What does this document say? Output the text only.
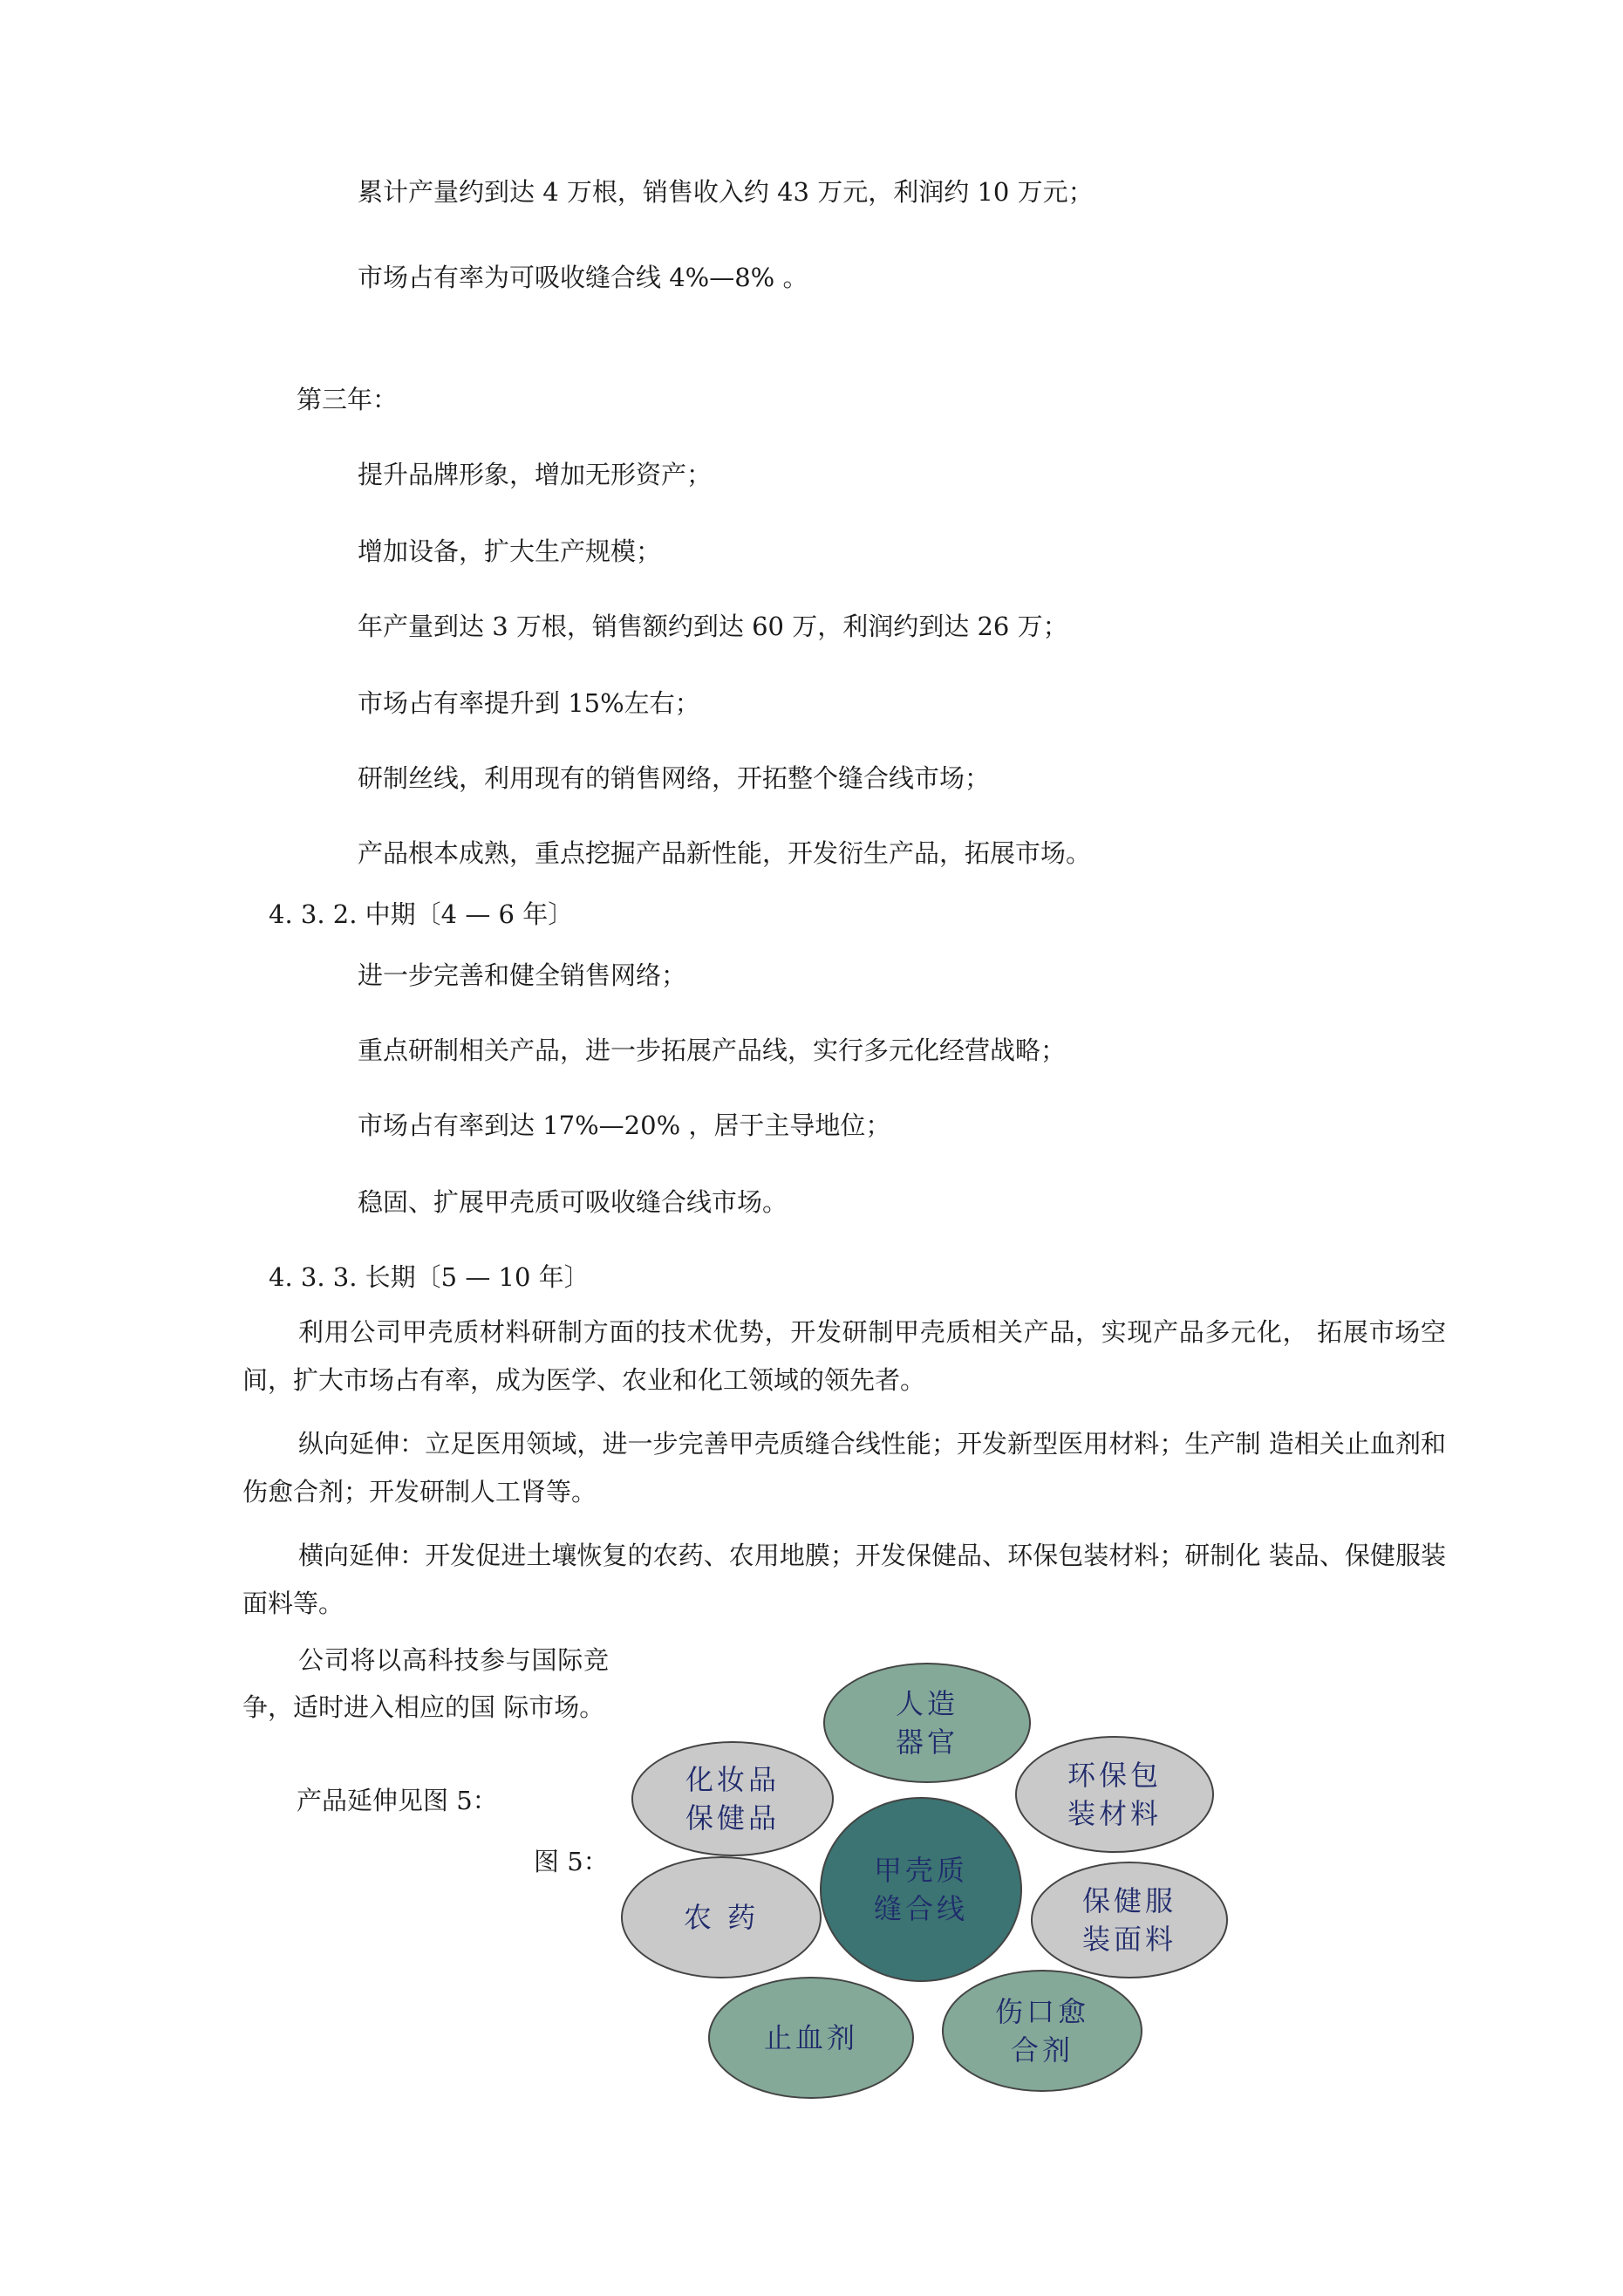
累计产量约到达 4 万根，销售收入约 43 万元，利润约 10 万元；
市场占有率为可吸收缝合线 4%—8% 。
第三年：
提升品牌形象，增加无形资产；
增加设备，扩大生产规模；
年产量到达 3 万根，销售额约到达 60 万，利润约到达 26 万；
市场占有率提升到 15%左右；
研制丝线，利用现有的销售网络，开拓整个缝合线市场；
产品根本成熟，重点挖掘产品新性能，开发衍生产品，拓展市场。
4. 3. 2. 中期〔4 — 6 年〕
进一步完善和健全销售网络；
重点研制相关产品，进一步拓展产品线，实行多元化经营战略；
市场占有率到达 17%—20% ，居于主导地位；
稳固、扩展甲壳质可吸收缝合线市场。
4. 3. 3. 长期〔5 — 10 年〕
利用公司甲壳质材料研制方面的技术优势，开发研制甲壳质相关产品，实现产品多元化， 拓展市场空间，扩大市场占有率，成为医学、农业和化工领域的领先者。
纵向延伸：立足医用领域，进一步完善甲壳质缝合线性能；开发新型医用材料；生产制 造相关止血剂和伤愈合剂；开发研制人工肾等。
横向延伸：开发促进土壤恢复的农药、农用地膜；开发保健品、环保包装材料；研制化 装品、保健服装面料等。
公司将以高科技参与国际竞争，适时进入相应的国 际市场。
产品延伸见图 5：
图 5：
人造
器官
化妆品
保健品
环保包
装材料
甲壳质
缝合线
农 药	保健服
装面料
止血剂
伤口愈
合剂
